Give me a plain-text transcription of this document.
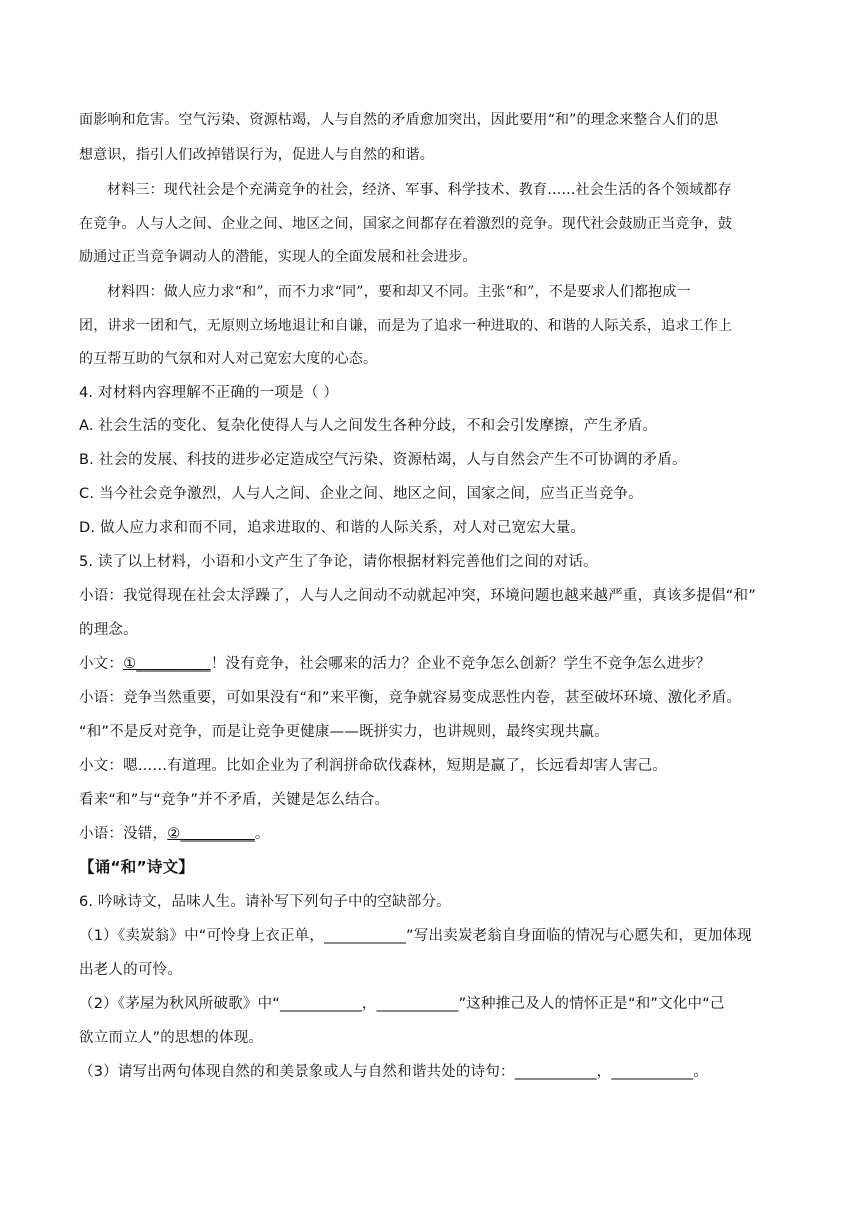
面影响和危害。空气污染、资源枯竭，人与自然的矛盾愈加突出，因此要用“和”的理念来整合人们的思
想意识，指引人们改掉错误行为，促进人与自然的和谐。
材料三：现代社会是个充满竞争的社会，经济、军事、科学技术、教育……社会生活的各个领域都存
在竞争。人与人之间、企业之间、地区之间，国家之间都存在着激烈的竞争。现代社会鼓励正当竞争，鼓
励通过正当竞争调动人的潜能，实现人的全面发展和社会进步。
材料四：做人应力求“和”，而不力求“同”，要和却又不同。主张“和”，不是要求人们都抱成一
团，讲求一团和气，无原则立场地退让和自谦，而是为了追求一种进取的、和谐的人际关系，追求工作上
的互帮互助的气氛和对人对己宽宏大度的心态。
4. 对材料内容理解不正确的一项是（ ）
A. 社会生活的变化、复杂化使得人与人之间发生各种分歧，不和会引发摩擦，产生矛盾。
B. 社会的发展、科技的进步必定造成空气污染、资源枯竭，人与自然会产生不可协调的矛盾。
C. 当今社会竞争激烈，人与人之间、企业之间、地区之间，国家之间，应当正当竞争。
D. 做人应力求和而不同，追求进取的、和谐的人际关系，对人对己宽宏大量。
5. 读了以上材料，小语和小文产生了争论，请你根据材料完善他们之间的对话。
小语：我觉得现在社会太浮躁了，人与人之间动不动就起冲突，环境问题也越来越严重，真该多提倡“和”
的理念。
小文：①__________！没有竞争，社会哪来的活力？企业不竞争怎么创新？学生不竞争怎么进步？
小语：竞争当然重要，可如果没有“和”来平衡，竞争就容易变成恶性内卷，甚至破坏环境、激化矛盾。
“和”不是反对竞争，而是让竞争更健康——既拼实力，也讲规则，最终实现共赢。
小文：嗯……有道理。比如企业为了利润拼命砍伐森林，短期是赢了，长远看却害人害己。
看来“和”与“竞争”并不矛盾，关键是怎么结合。
小语：没错，②__________。
【诵“和”诗文】
6. 吟咏诗文，品味人生。请补写下列句子中的空缺部分。
（1）《卖炭翁》中“可怜身上衣正单，___________”写出卖炭老翁自身面临的情况与心愿失和，更加体现
出老人的可怜。
（2）《茅屋为秋风所破歌》中“___________，___________”这种推己及人的情怀正是“和”文化中“己
欲立而立人”的思想的体现。
（3）请写出两句体现自然的和美景象或人与自然和谐共处的诗句：___________，___________。
